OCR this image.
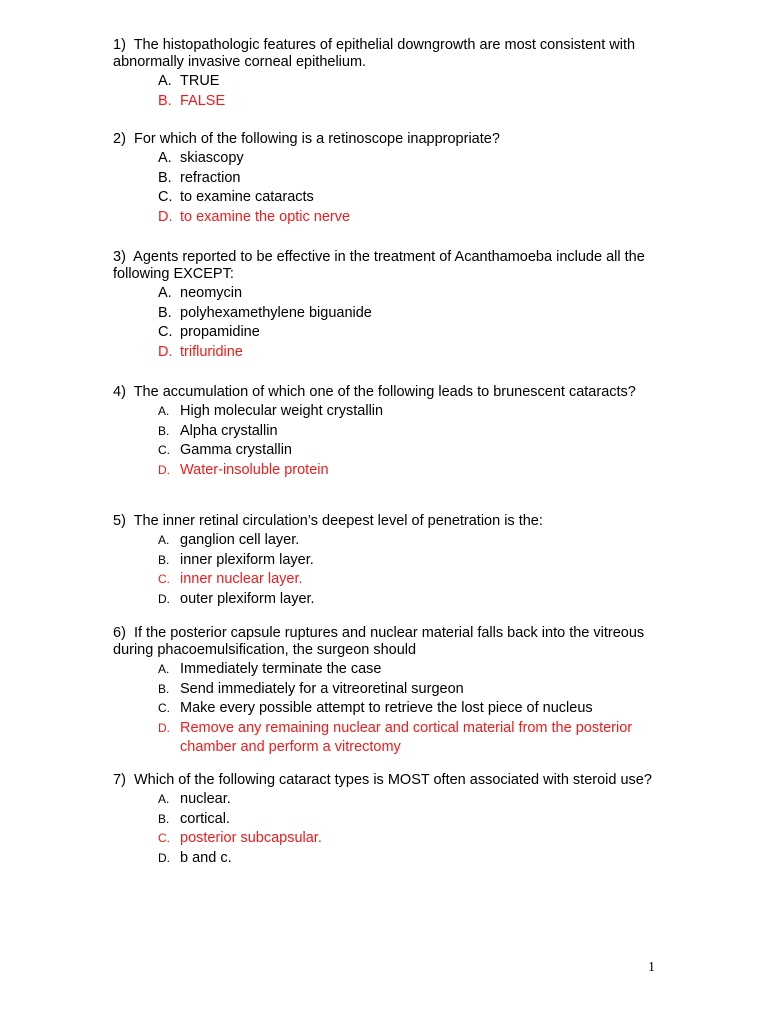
1) The histopathologic features of epithelial downgrowth are most consistent with abnormally invasive corneal epithelium.

A. TRUE
B. FALSE

2) For which of the following is a retinoscope inappropriate?

A. skiascopy
B. refraction
C. to examine cataracts
D. to examine the optic nerve

3) Agents reported to be effective in the treatment of Acanthamoeba include all the following EXCEPT:

A. neomycin
B. polyhexamethylene biguanide
C. propamidine
D. trifluridine

4) The accumulation of which one of the following leads to brunescent cataracts?

A. High molecular weight crystallin
B. Alpha crystallin
C. Gamma crystallin
D. Water-insoluble protein

5) The inner retinal circulation’s deepest level of penetration is the:

A. ganglion cell layer.
B. inner plexiform layer.
C. inner nuclear layer.
D. outer plexiform layer.

6) If the posterior capsule ruptures and nuclear material falls back into the vitreous during phacoemulsification, the surgeon should

A. Immediately terminate the case
B. Send immediately for a vitreoretinal surgeon
C. Make every possible attempt to retrieve the lost piece of nucleus
D. Remove any remaining nuclear and cortical material from the posterior chamber and perform a vitrectomy

7) Which of the following cataract types is MOST often associated with steroid use?

A. nuclear.
B. cortical.
C. posterior subcapsular.
D. b and c.
1
